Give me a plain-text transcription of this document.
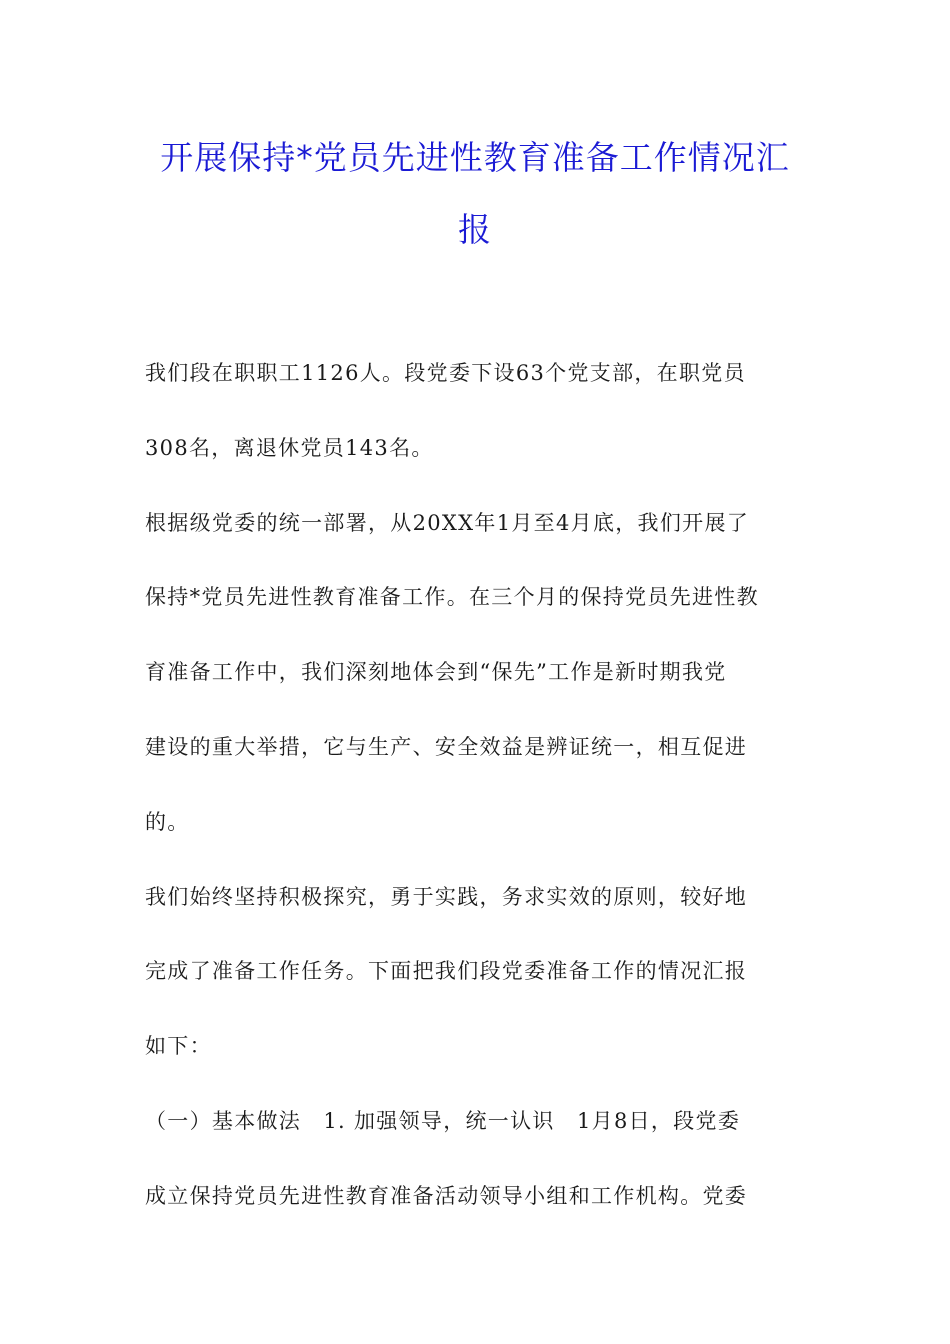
开展保持*党员先进性教育准备工作情况汇
报
我们段在职职工1126人。段党委下设63个党支部，在职党员
308名，离退休党员143名。
根据级党委的统一部署，从20XX年1月至4月底，我们开展了
保持*党员先进性教育准备工作。在三个月的保持党员先进性教
育准备工作中，我们深刻地体会到“保先”工作是新时期我党
建设的重大举措，它与生产、安全效益是辨证统一，相互促进
的。
我们始终坚持积极探究，勇于实践，务求实效的原则，较好地
完成了准备工作任务。下面把我们段党委准备工作的情况汇报
如下：
（一）基本做法　1. 加强领导，统一认识　1月8日，段党委
成立保持党员先进性教育准备活动领导小组和工作机构。党委
